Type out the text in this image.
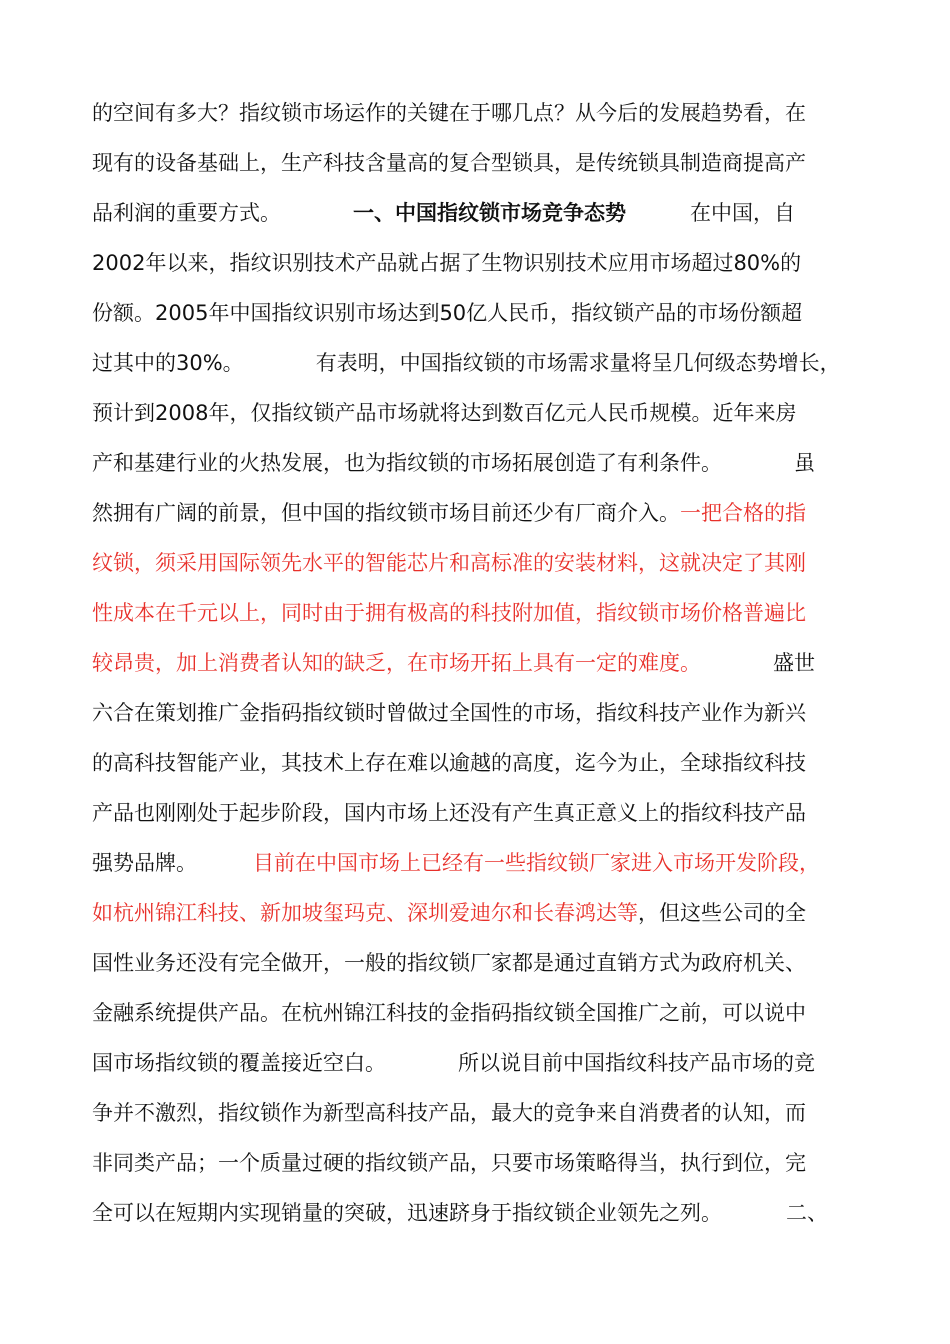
的空间有多大？指纹锁市场运作的关键在于哪几点？从今后的发展趋势看，在
现有的设备基础上，生产科技含量高的复合型锁具，是传统锁具制造商提高产
品利润的重要方式。	一、中国指纹锁市场竞争态势	在中国，自
2002年以来，指纹识别技术产品就占据了生物识别技术应用市场超过80%的
份额。2005年中国指纹识别市场达到50亿人民币，指纹锁产品的市场份额超
过其中的30%。	有表明，中国指纹锁的市场需求量将呈几何级态势增长，
预计到2008年，仅指纹锁产品市场就将达到数百亿元人民币规模。近年来房
产和基建行业的火热发展，也为指纹锁的市场拓展创造了有利条件。	虽
然拥有广阔的前景，但中国的指纹锁市场目前还少有厂商介入。一把合格的指
纹锁，须采用国际领先水平的智能芯片和高标准的安装材料，这就决定了其刚
性成本在千元以上，同时由于拥有极高的科技附加值，指纹锁市场价格普遍比
较昂贵，加上消费者认知的缺乏，在市场开拓上具有一定的难度。	盛世
六合在策划推广金指码指纹锁时曾做过全国性的市场，指纹科技产业作为新兴
的高科技智能产业，其技术上存在难以逾越的高度，迄今为止，全球指纹科技
产品也刚刚处于起步阶段，国内市场上还没有产生真正意义上的指纹科技产品
强势品牌。	目前在中国市场上已经有一些指纹锁厂家进入市场开发阶段，
如杭州锦江科技、新加坡玺玛克、深圳爱迪尔和长春鸿达等，但这些公司的全
国性业务还没有完全做开，一般的指纹锁厂家都是通过直销方式为政府机关、
金融系统提供产品。在杭州锦江科技的金指码指纹锁全国推广之前，可以说中
国市场指纹锁的覆盖接近空白。	所以说目前中国指纹科技产品市场的竞
争并不激烈，指纹锁作为新型高科技产品，最大的竞争来自消费者的认知，而
非同类产品；一个质量过硬的指纹锁产品，只要市场策略得当，执行到位，完
全可以在短期内实现销量的突破，迅速跻身于指纹锁企业领先之列。	二、
